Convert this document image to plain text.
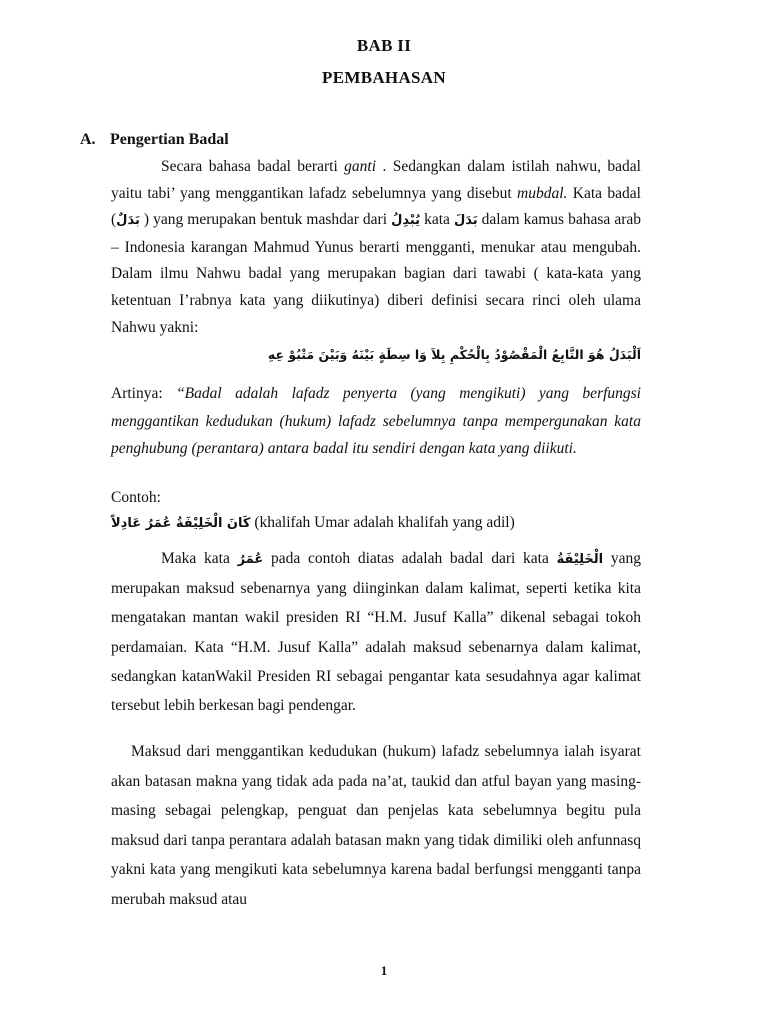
BAB II
PEMBAHASAN
A. Pengertian Badal
Secara bahasa badal berarti ganti . Sedangkan dalam istilah nahwu, badal yaitu tabi’ yang menggantikan lafadz sebelumnya yang disebut mubdal. Kata badal (بَدَلٌ ) yang merupakan bentuk mashdar dari يُبْدِلُ kata بَدَلَ dalam kamus bahasa arab – Indonesia karangan Mahmud Yunus berarti mengganti, menukar atau mengubah. Dalam ilmu Nahwu badal yang merupakan bagian dari tawabi ( kata-kata yang ketentuan I’rabnya kata yang diikutinya) diberi definisi secara rinci oleh ulama Nahwu yakni:
اَلْبَدَلُ هُوَ التَّابِعُ الْمَقْصُوْدُ بِالْحُكْمِ بِلاَ وَا سِطَةٍ بَيْنَهُ وَبَيْنَ مَتْبُوْ عِهِ
Artinya: “Badal adalah lafadz penyerta (yang mengikuti) yang berfungsi menggantikan kedudukan (hukum) lafadz sebelumnya tanpa mempergunakan kata penghubung (perantara) antara badal itu sendiri dengan kata yang diikuti.
Contoh:
كَانَ الْخَلِيْفَةُ عُمَرُ عَادِلاً (khalifah Umar adalah khalifah yang adil)
Maka kata عُمَرُ pada contoh diatas adalah badal dari kata الْخَلِيْفَةُ yang merupakan maksud sebenarnya yang diinginkan dalam kalimat, seperti ketika kita mengatakan mantan wakil presiden RI “H.M. Jusuf Kalla” dikenal sebagai tokoh perdamaian. Kata “H.M. Jusuf Kalla” adalah maksud sebenarnya dalam kalimat, sedangkan katanWakil Presiden RI sebagai pengantar kata sesudahnya agar kalimat tersebut lebih berkesan bagi pendengar.
Maksud dari menggantikan kedudukan (hukum) lafadz sebelumnya ialah isyarat akan batasan makna yang tidak ada pada na’at, taukid dan atful bayan yang masing-masing sebagai pelengkap, penguat dan penjelas kata sebelumnya begitu pula maksud dari tanpa perantara adalah batasan makn yang tidak dimiliki oleh anfunnasq yakni kata yang mengikuti kata sebelumnya karena badal berfungsi mengganti tanpa merubah maksud atau
1
